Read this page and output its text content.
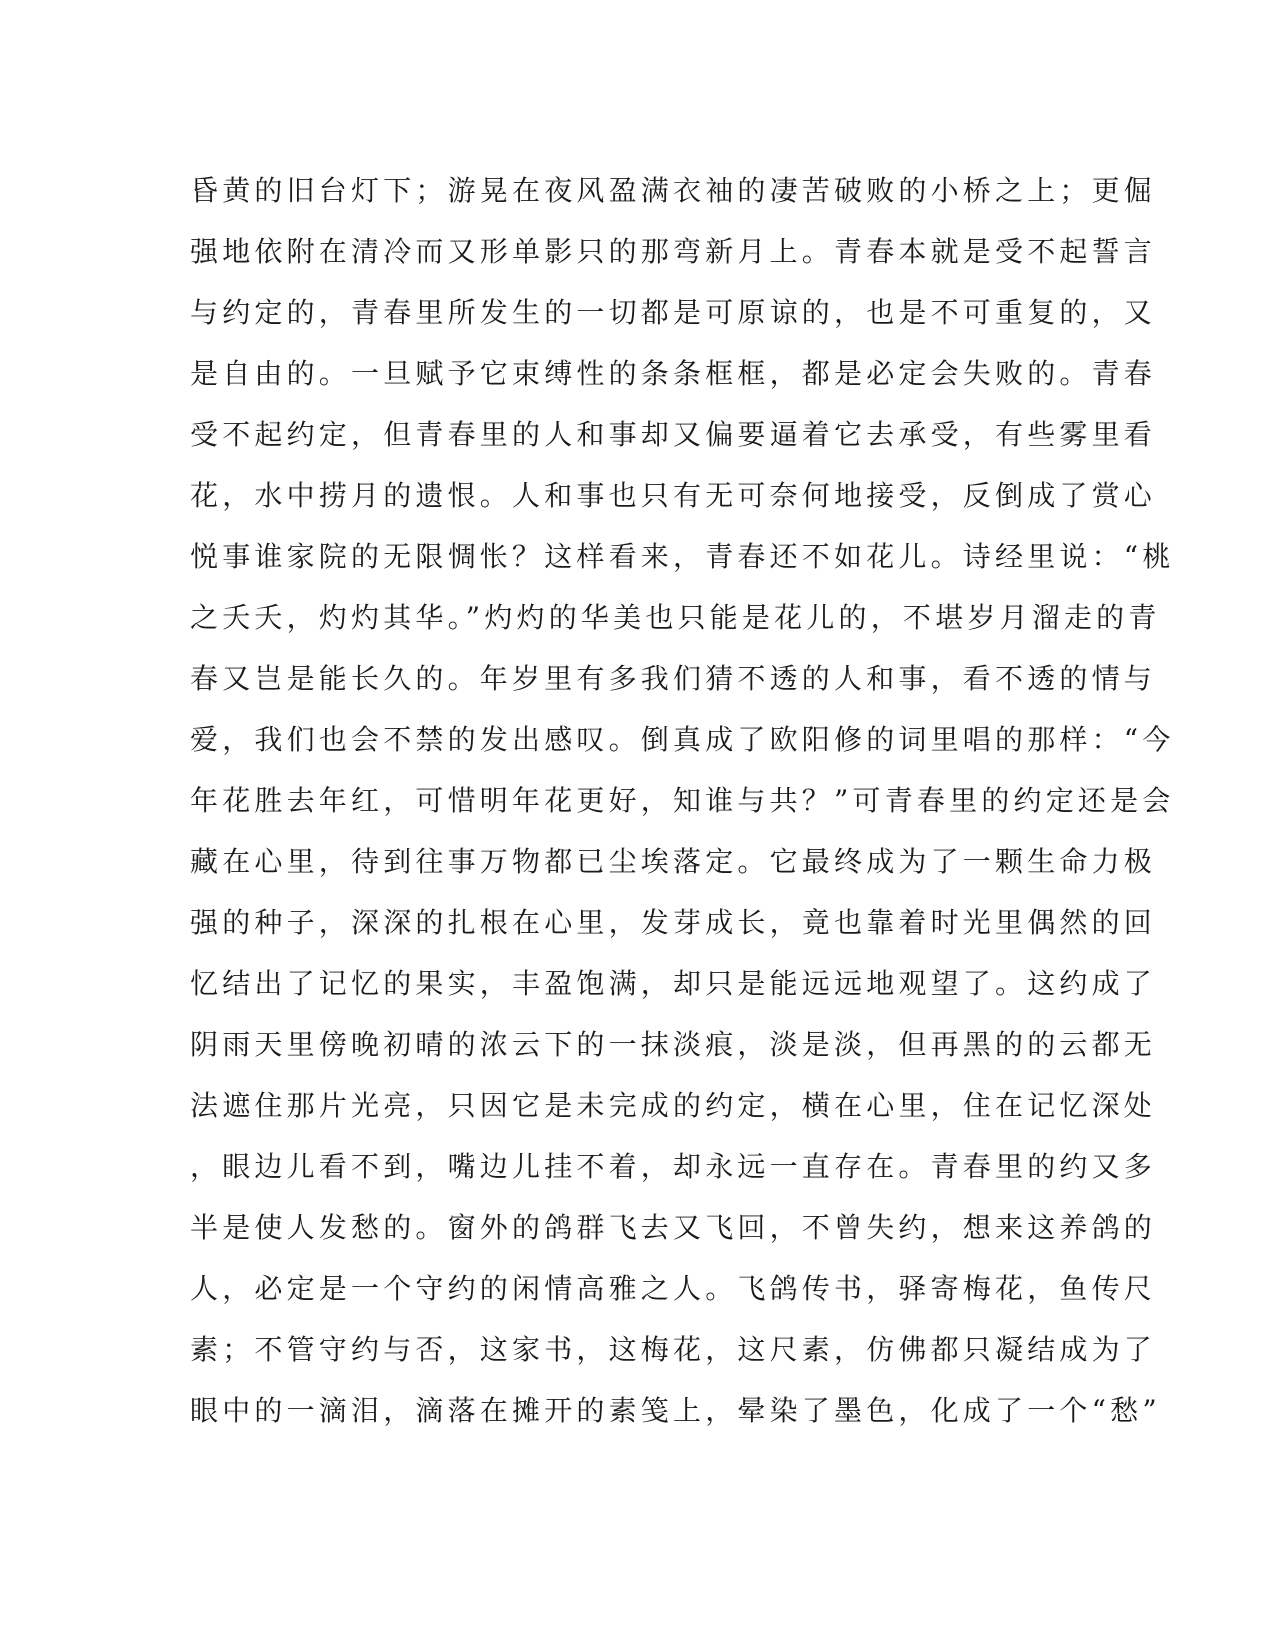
昏黄的旧台灯下；游晃在夜风盈满衣袖的凄苦破败的小桥之上；更倔
强地依附在清冷而又形单影只的那弯新月上。青春本就是受不起誓言
与约定的，青春里所发生的一切都是可原谅的，也是不可重复的，又
是自由的。一旦赋予它束缚性的条条框框，都是必定会失败的。青春
受不起约定，但青春里的人和事却又偏要逼着它去承受，有些雾里看
花，水中捞月的遗恨。人和事也只有无可奈何地接受，反倒成了赏心
悦事谁家院的无限惆怅？这样看来，青春还不如花儿。诗经里说：“桃
之夭夭，灼灼其华。”灼灼的华美也只能是花儿的，不堪岁月溜走的青
春又岂是能长久的。年岁里有多我们猜不透的人和事，看不透的情与
爱，我们也会不禁的发出感叹。倒真成了欧阳修的词里唱的那样：“今
年花胜去年红，可惜明年花更好，知谁与共？”可青春里的约定还是会
藏在心里，待到往事万物都已尘埃落定。它最终成为了一颗生命力极
强的种子，深深的扎根在心里，发芽成长，竟也靠着时光里偶然的回
忆结出了记忆的果实，丰盈饱满，却只是能远远地观望了。这约成了
阴雨天里傍晚初晴的浓云下的一抹淡痕，淡是淡，但再黑的的云都无
法遮住那片光亮，只因它是未完成的约定，横在心里，住在记忆深处
，眼边儿看不到，嘴边儿挂不着，却永远一直存在。青春里的约又多
半是使人发愁的。窗外的鸽群飞去又飞回，不曾失约，想来这养鸽的
人，必定是一个守约的闲情高雅之人。飞鸽传书，驿寄梅花，鱼传尺
素；不管守约与否，这家书，这梅花，这尺素，仿佛都只凝结成为了
眼中的一滴泪，滴落在摊开的素笺上，晕染了墨色，化成了一个“愁”
